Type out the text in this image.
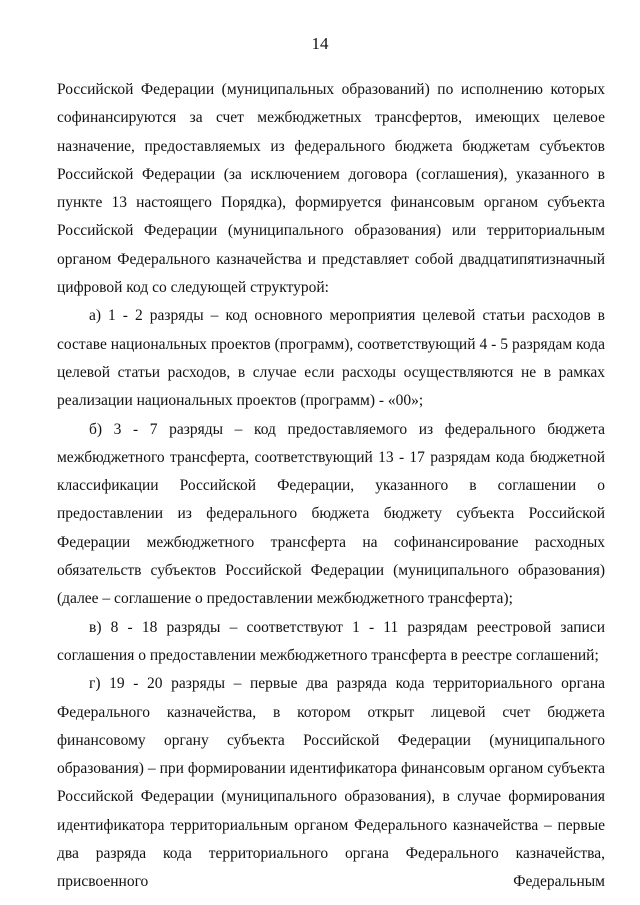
14

Российской Федерации (муниципальных образований) по исполнению которых софинансируются за счет межбюджетных трансфертов, имеющих целевое назначение, предоставляемых из федерального бюджета бюджетам субъектов Российской Федерации (за исключением договора (соглашения), указанного в пункте 13 настоящего Порядка), формируется финансовым органом субъекта Российской Федерации (муниципального образования) или территориальным органом Федерального казначейства и представляет собой двадцатипятизначный цифровой код со следующей структурой:

а) 1 - 2 разряды – код основного мероприятия целевой статьи расходов в составе национальных проектов (программ), соответствующий 4 - 5 разрядам кода целевой статьи расходов, в случае если расходы осуществляются не в рамках реализации национальных проектов (программ) - «00»;

б) 3 - 7 разряды – код предоставляемого из федерального бюджета межбюджетного трансферта, соответствующий 13 - 17 разрядам кода бюджетной классификации Российской Федерации, указанного в соглашении о предоставлении из федерального бюджета бюджету субъекта Российской Федерации межбюджетного трансферта на софинансирование расходных обязательств субъектов Российской Федерации (муниципального образования) (далее – соглашение о предоставлении межбюджетного трансферта);

в) 8 - 18 разряды – соответствуют 1 - 11 разрядам реестровой записи соглашения о предоставлении межбюджетного трансферта в реестре соглашений;

г) 19 - 20 разряды – первые два разряда кода территориального органа Федерального казначейства, в котором открыт лицевой счет бюджета финансовому органу субъекта Российской Федерации (муниципального образования) – при формировании идентификатора финансовым органом субъекта Российской Федерации (муниципального образования), в случае формирования идентификатора территориальным органом Федерального казначейства – первые два разряда кода территориального органа Федерального казначейства, присвоенного Федеральным
